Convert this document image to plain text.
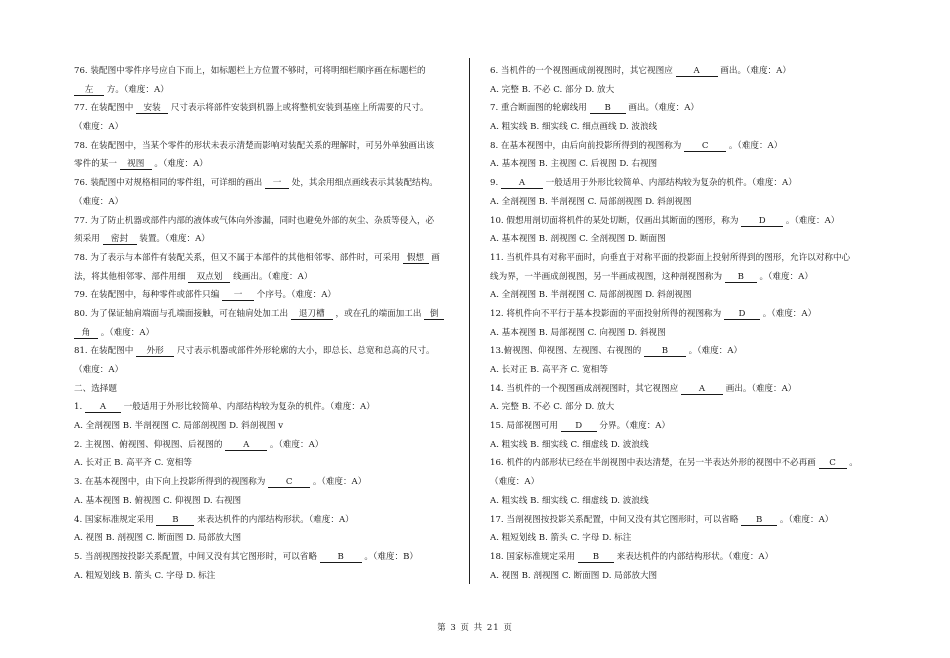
76. 装配图中零件序号应自下而上，如标题栏上方位置不够时，可将明细栏顺序画在标题栏的
左 方。（难度：A）
77. 在装配图中 安装 尺寸表示将部件安装到机器上或将整机安装到基座上所需要的尺寸。
（难度：A）
78. 在装配图中，当某个零件的形状未表示清楚而影响对装配关系的理解时，可另外单独画出该
零件的某一 视图 。（难度：A）
76. 装配图中对规格相同的零件组，可详细的画出 一 处，其余用细点画线表示其装配结构。
（难度：A）
77. 为了防止机器或部件内部的液体或气体向外渗漏，同时也避免外部的灰尘、杂质等侵入，必
须采用 密封 装置。（难度：A）
78. 为了表示与本部件有装配关系，但又不属于本部件的其他相邻零、部件时，可采用 假想 画
法，将其他相邻零、部件用细 双点划 线画出。（难度：A）
79. 在装配图中，每种零件或部件只编 一 个序号。（难度：A）
80. 为了保证轴肩端面与孔端面接触，可在轴肩处加工出 退刀槽 ，或在孔的端面加工出 倒
角 。（难度：A）
81. 在装配图中 外形 尺寸表示机器或部件外形轮廓的大小，即总长、总宽和总高的尺寸。
（难度：A）
二、选择题
1. A 一般适用于外形比较简单、内部结构较为复杂的机件。（难度：A）
A. 全剖视图 B. 半剖视图 C. 局部剖视图 D. 斜剖视图 v
2. 主视图、俯视图、仰视图、后视图的 A 。（难度：A）
A. 长对正 B. 高平齐 C. 宽相等
3. 在基本视图中，由下向上投影所得到的视图称为 C 。（难度：A）
A. 基本视图 B. 俯视图 C. 仰视图 D. 右视图
4. 国家标准规定采用 B 来表达机件的内部结构形状。（难度：A）
A. 视图 B. 剖视图 C. 断面图 D. 局部放大图
5. 当剖视图按投影关系配置，中间又没有其它图形时，可以省略 B 。（难度：B）
A. 粗短划线 B. 箭头 C. 字母 D. 标注
6. 当机件的一个视图画成剖视图时，其它视图应 A 画出。（难度：A）
A. 完整 B. 不必 C. 部分 D. 放大
7. 重合断面图的轮廓线用 B 画出。（难度：A）
A. 粗实线 B. 细实线 C. 细点画线 D. 波浪线
8. 在基本视图中，由后向前投影所得到的视图称为 C 。（难度：A）
A. 基本视图 B. 主视图 C. 后视图 D. 右视图
9. A 一般适用于外形比较简单、内部结构较为复杂的机件。（难度：A）
A. 全剖视图 B. 半剖视图 C. 局部剖视图 D. 斜剖视图
10. 假想用剖切面将机件的某处切断，仅画出其断面的图形，称为 D 。（难度：A）
A. 基本视图 B. 剖视图 C. 全剖视图 D. 断面图
11. 当机件具有对称平面时，向垂直于对称平面的投影面上投射所得到的图形，允许以对称中心
线为界，一半画成剖视图，另一半画成视图，这种剖视图称为 B 。（难度：A）
A. 全剖视图 B. 半剖视图 C. 局部剖视图 D. 斜剖视图
12. 将机件向不平行于基本投影面的平面投射所得的视图称为 D 。（难度：A）
A. 基本视图 B. 局部视图 C. 向视图 D. 斜视图
13.俯视图、仰视图、左视图、右视图的 B 。（难度：A）
A. 长对正 B. 高平齐 C. 宽相等
14. 当机件的一个视图画成剖视图时，其它视图应 A 画出。（难度：A）
A. 完整 B. 不必 C. 部分 D. 放大
15. 局部视图可用 D 分界。（难度：A）
A. 粗实线 B. 细实线 C. 细虚线 D. 波浪线
16. 机件的内部形状已经在半剖视图中表达清楚，在另一半表达外形的视图中不必再画 C 。
（难度：A）
A. 粗实线 B. 细实线 C. 细虚线 D. 波浪线
17. 当剖视图按投影关系配置，中间又没有其它图形时，可以省略 B 。（难度：A）
A. 粗短划线 B. 箭头 C. 字母 D. 标注
18. 国家标准规定采用 B 来表达机件的内部结构形状。（难度：A）
A. 视图 B. 剖视图 C. 断面图 D. 局部放大图
第 3 页 共 21 页
